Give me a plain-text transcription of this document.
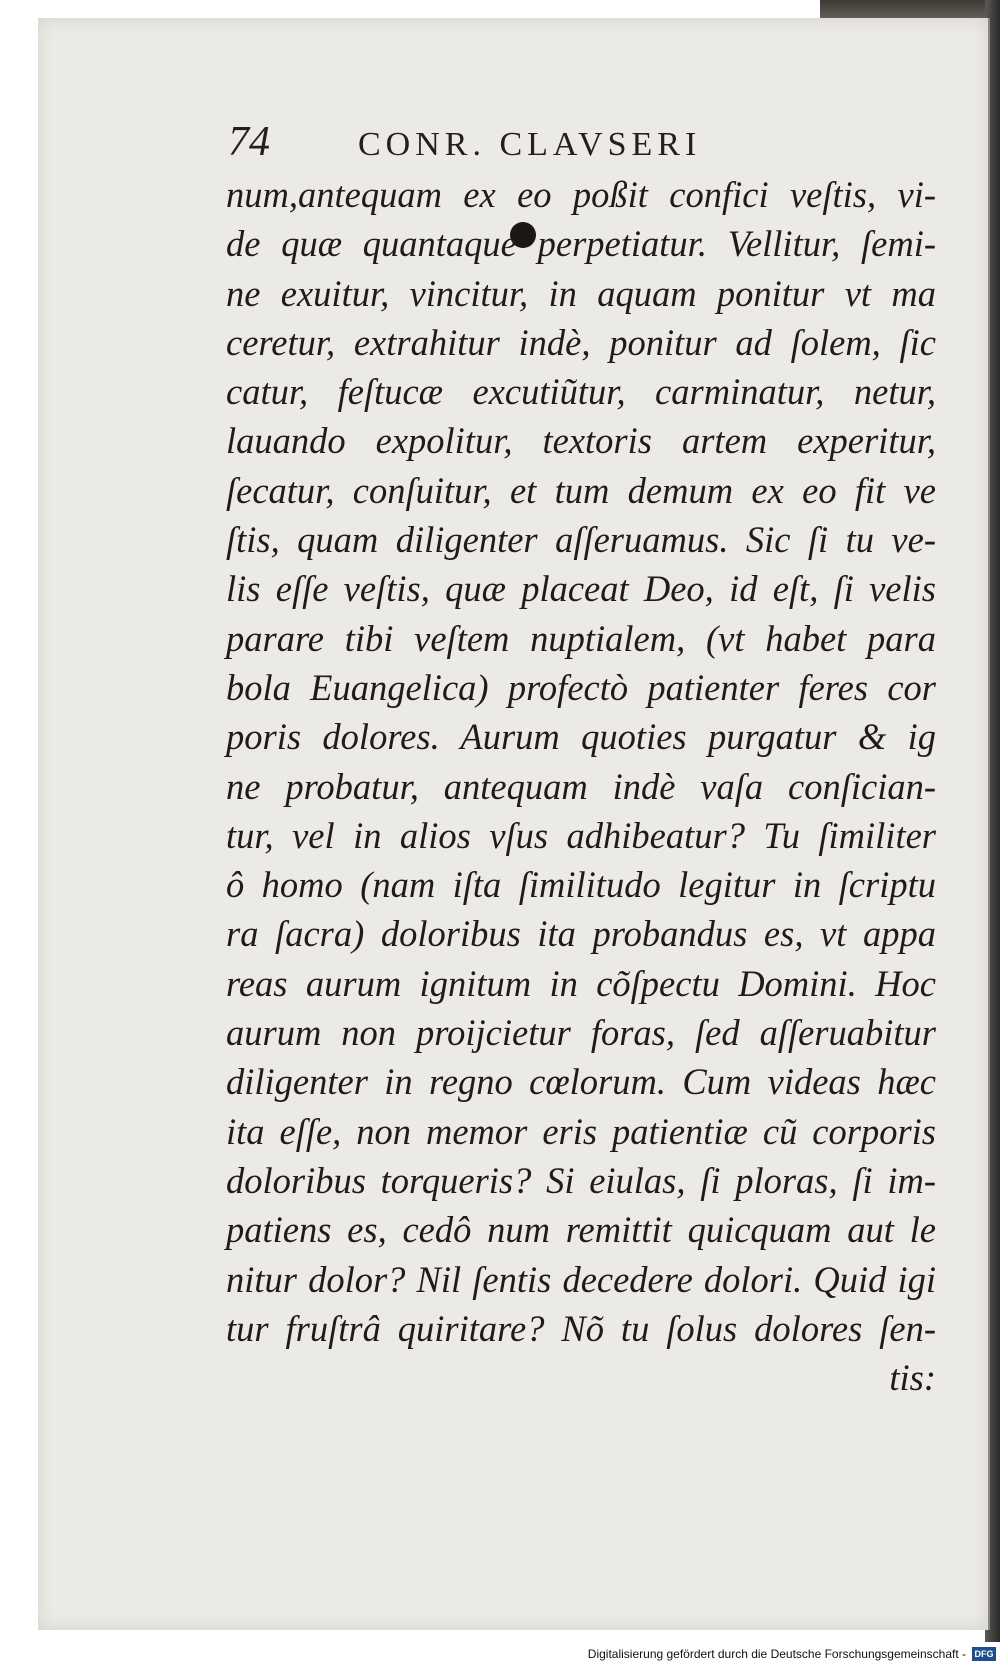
74	CONR. CLAVSERI
num,antequam ex eo poßit confici veſtis, vi-
de quæ quantaque perpetiatur. Vellitur, ſemi-
ne exuitur, vincitur, in aquam ponitur vt ma
ceretur, extrahitur indè, ponitur ad ſolem, ſic
catur, feſtucæ excutiũtur, carminatur, netur,
lauando expolitur, textoris artem experitur,
ſecatur, conſuitur, et tum demum ex eo fit ve
ſtis, quam diligenter aſſeruamus. Sic ſi tu ve-
lis eſſe veſtis, quæ placeat Deo, id eſt, ſi velis
parare tibi veſtem nuptialem, (vt habet para
bola Euangelica) profectò patienter feres cor
poris dolores. Aurum quoties purgatur & ig
ne probatur, antequam indè vaſa conſician-
tur, vel in alios vſus adhibeatur? Tu ſimiliter
ô homo (nam iſta ſimilitudo legitur in ſcriptu
ra ſacra) doloribus ita probandus es, vt appa
reas aurum ignitum in cõſpectu Domini. Hoc
aurum non proijcietur foras, ſed aſſeruabitur
diligenter in regno cœlorum. Cum videas hæc
ita eſſe, non memor eris patientiæ cũ corporis
doloribus torqueris? Si eiulas, ſi ploras, ſi im-
patiens es, cedô num remittit quicquam aut le
nitur dolor? Nil ſentis decedere dolori. Quid igi
tur fruſtrâ quiritare? Nõ tu ſolus dolores ſen-
tis:
Digitalisierung gefördert durch die Deutsche Forschungsgemeinschaft - DFG
